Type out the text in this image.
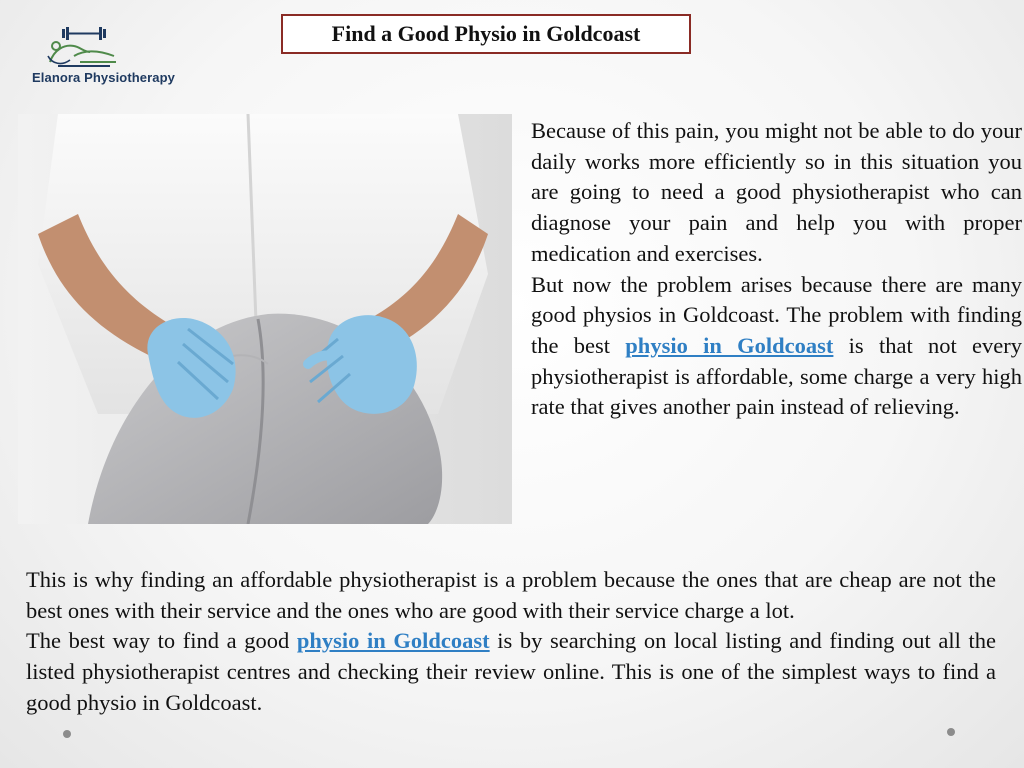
Elanora Physiotherapy
Find a Good Physio in Goldcoast
Because of this pain, you might not be able to do your daily works more efficiently so in this situation you are going to need a good physiotherapist who can diagnose your pain and help you with proper medication and exercises.
But now the problem arises because there are many good physios in Goldcoast. The problem with finding the best physio in Goldcoast is that not every physiotherapist is affordable, some charge a very high rate that gives another pain instead of relieving.
This is why finding an affordable physiotherapist is a problem because the ones that are cheap are not the best ones with their service and the ones who are good with their service charge a lot.
The best way to find a good physio in Goldcoast is by searching on local listing and finding out all the listed physiotherapist centres and checking their review online. This is one of the simplest ways to find a good physio in Goldcoast.
